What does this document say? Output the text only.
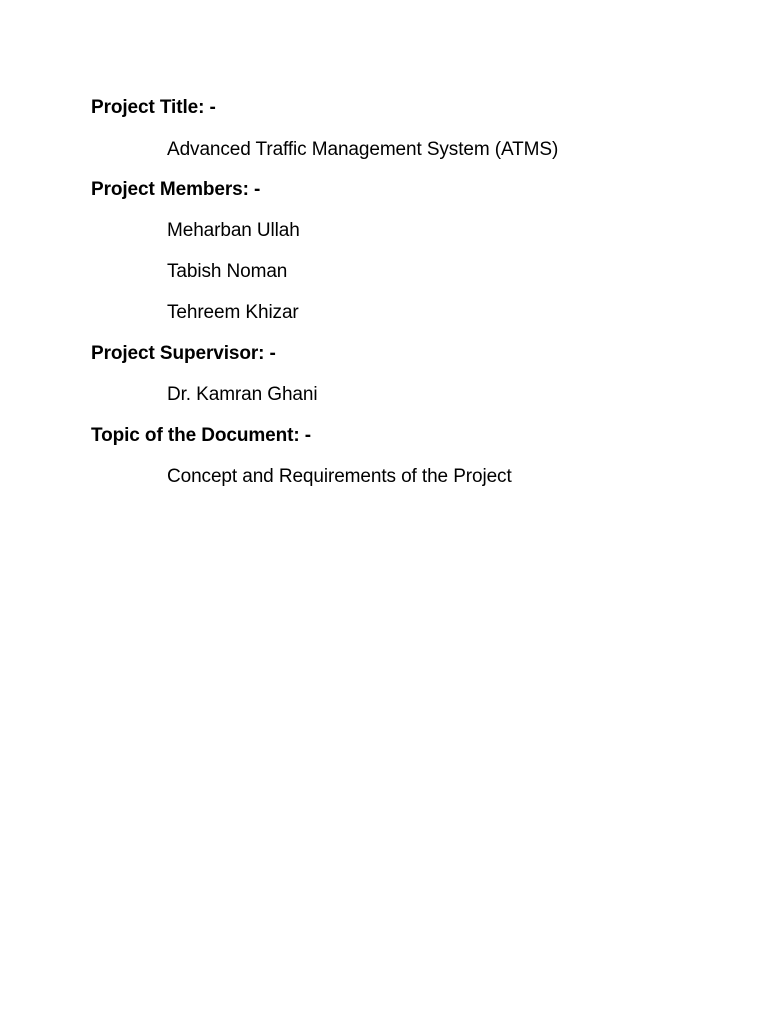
Project Title: -
Advanced Traffic Management System (ATMS)
Project Members: -
Meharban Ullah
Tabish Noman
Tehreem Khizar
Project Supervisor: -
Dr. Kamran Ghani
Topic of the Document: -
Concept and Requirements of the Project
